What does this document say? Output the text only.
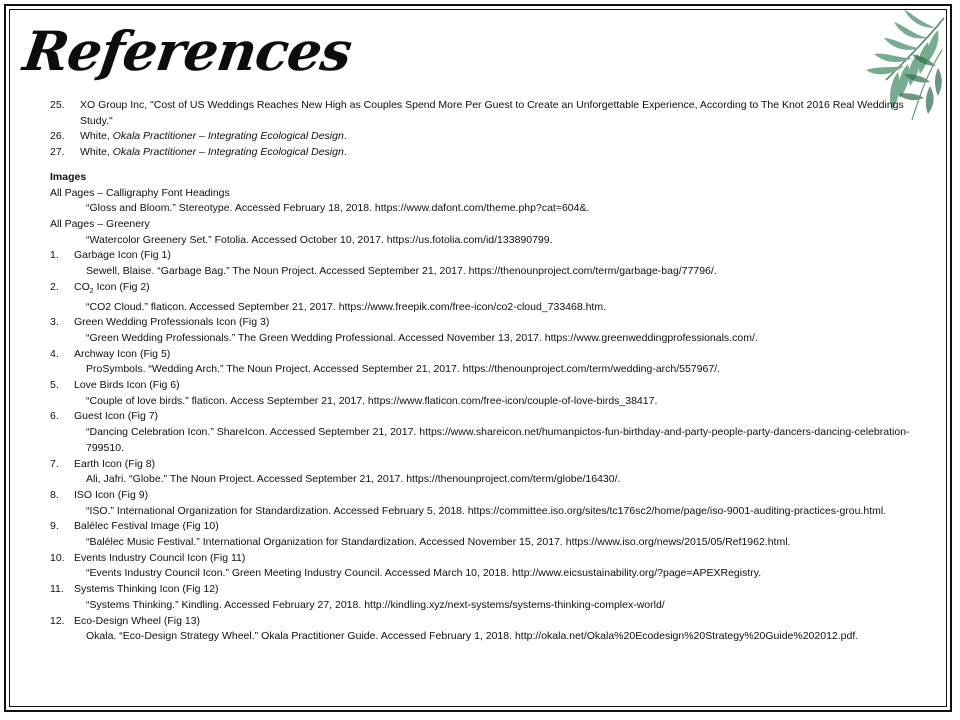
References
25.	XO Group Inc, "Cost of US Weddings Reaches New High as Couples Spend More Per Guest to Create an Unforgettable Experience, According to The Knot 2016 Real Weddings Study."
26.	White, Okala Practitioner – Integrating Ecological Design.
27.	White, Okala Practitioner – Integrating Ecological Design.
Images
All Pages – Calligraphy Font Headings
“Gloss and Bloom.” Stereotype. Accessed February 18, 2018. https://www.dafont.com/theme.php?cat=604&.
All Pages – Greenery
“Watercolor Greenery Set.” Fotolia. Accessed October 10, 2017. https://us.fotolia.com/id/133890799.
1.	Garbage Icon (Fig 1)
Sewell, Blaise. “Garbage Bag.” The Noun Project. Accessed September 21, 2017. https://thenounproject.com/term/garbage-bag/77796/.
2.	$CO_2$ Icon (Fig 2)
“CO2 Cloud.” flaticon. Accessed September 21, 2017. https://www.freepik.com/free-icon/co2-cloud_733468.htm.
3.	Green Wedding Professionals Icon (Fig 3)
“Green Wedding Professionals.” The Green Wedding Professional. Accessed November 13, 2017. https://www.greenweddingprofessionals.com/.
4.	Archway Icon (Fig 5)
ProSymbols. “Wedding Arch.” The Noun Project. Accessed September 21, 2017. https://thenounproject.com/term/wedding-arch/557967/.
5.	Love Birds Icon (Fig 6)
“Couple of love birds.” flaticon. Access September 21, 2017. https://www.flaticon.com/free-icon/couple-of-love-birds_38417.
6.	Guest Icon (Fig 7)
“Dancing Celebration Icon.” ShareIcon. Accessed September 21, 2017. https://www.shareicon.net/humanpictos-fun-birthday-and-party-people-party-dancers-dancing-celebration-799510.
7.	Earth Icon (Fig 8)
Ali, Jafri. “Globe.” The Noun Project. Accessed September 21, 2017. https://thenounproject.com/term/globe/16430/.
8.	ISO Icon (Fig 9)
“ISO.” International Organization for Standardization. Accessed February 5, 2018. https://committee.iso.org/sites/tc176sc2/home/page/iso-9001-auditing-practices-grou.html.
9.	Balélec Festival Image (Fig 10)
“Balélec Music Festival.” International Organization for Standardization. Accessed November 15, 2017. https://www.iso.org/news/2015/05/Ref1962.html.
10. Events Industry Council Icon (Fig 11)
“Events Industry Council Icon.” Green Meeting Industry Council. Accessed March 10, 2018. http://www.eicsustainability.org/?page=APEXRegistry.
11. Systems Thinking Icon (Fig 12)
“Systems Thinking.” Kindling. Accessed February 27, 2018. http://kindling.xyz/next-systems/systems-thinking-complex-world/
12. Eco-Design Wheel (Fig 13)
Okala. “Eco-Design Strategy Wheel.” Okala Practitioner Guide. Accessed February 1, 2018. http://okala.net/Okala%20Ecodesign%20Strategy%20Guide%202012.pdf.
